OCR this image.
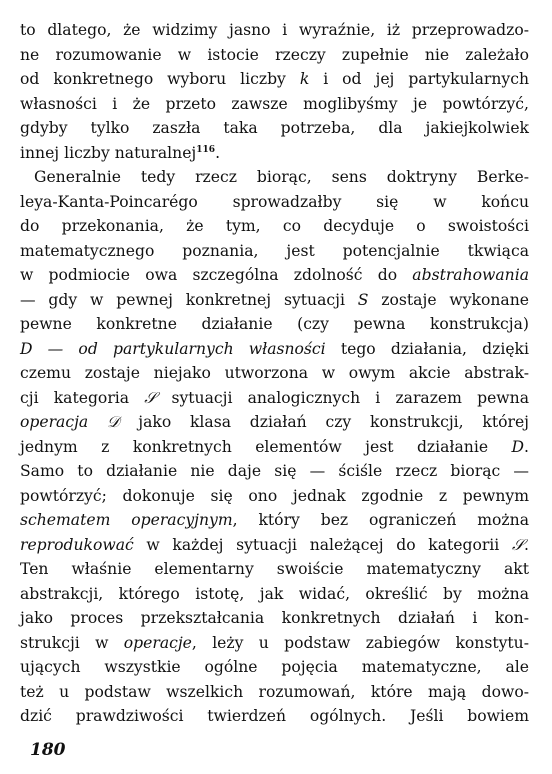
to dlatego, że widzimy jasno i wyraźnie, iż przeprowadzo-
ne rozumowanie w istocie rzeczy zupełnie nie zależało
od konkretnego wyboru liczby k i od jej partykularnych
własności i że przeto zawsze moglibyśmy je powtórzyć,
gdyby tylko zaszła taka potrzeba, dla jakiejkolwiek
innej liczby naturalnej$^{116}$.
Generalnie tedy rzecz biorąc, sens doktryny Berke-
leya-Kanta-Poincarégo sprowadzałby się w końcu
do przekonania, że tym, co decyduje o swoistości
matematycznego poznania, jest potencjalnie tkwiąca
w podmiocie owa szczególna zdolność do abstrahowania
— gdy w pewnej konkretnej sytuacji S zostaje wykonane
pewne konkretne działanie (czy pewna konstrukcja)
D — od partykularnych własności tego działania, dzięki
czemu zostaje niejako utworzona w owym akcie abstrak-
cji kategoria 𝒮 sytuacji analogicznych i zarazem pewna
operacja 𝒟 jako klasa działań czy konstrukcji, której
jednym z konkretnych elementów jest działanie D.
Samo to działanie nie daje się — ściśle rzecz biorąc —
powtórzyć; dokonuje się ono jednak zgodnie z pewnym
schematem operacyjnym, który bez ograniczeń można
reprodukować w każdej sytuacji należącej do kategorii 𝒮.
Ten właśnie elementarny swoiście matematyczny akt
abstrakcji, którego istotę, jak widać, określić by można
jako proces przekształcania konkretnych działań i kon-
strukcji w operacje, leży u podstaw zabiegów konstytu-
ujących wszystkie ogólne pojęcia matematyczne, ale
też u podstaw wszelkich rozumowań, które mają dowo-
dzić prawdziwości twierdzeń ogólnych. Jeśli bowiem
180
